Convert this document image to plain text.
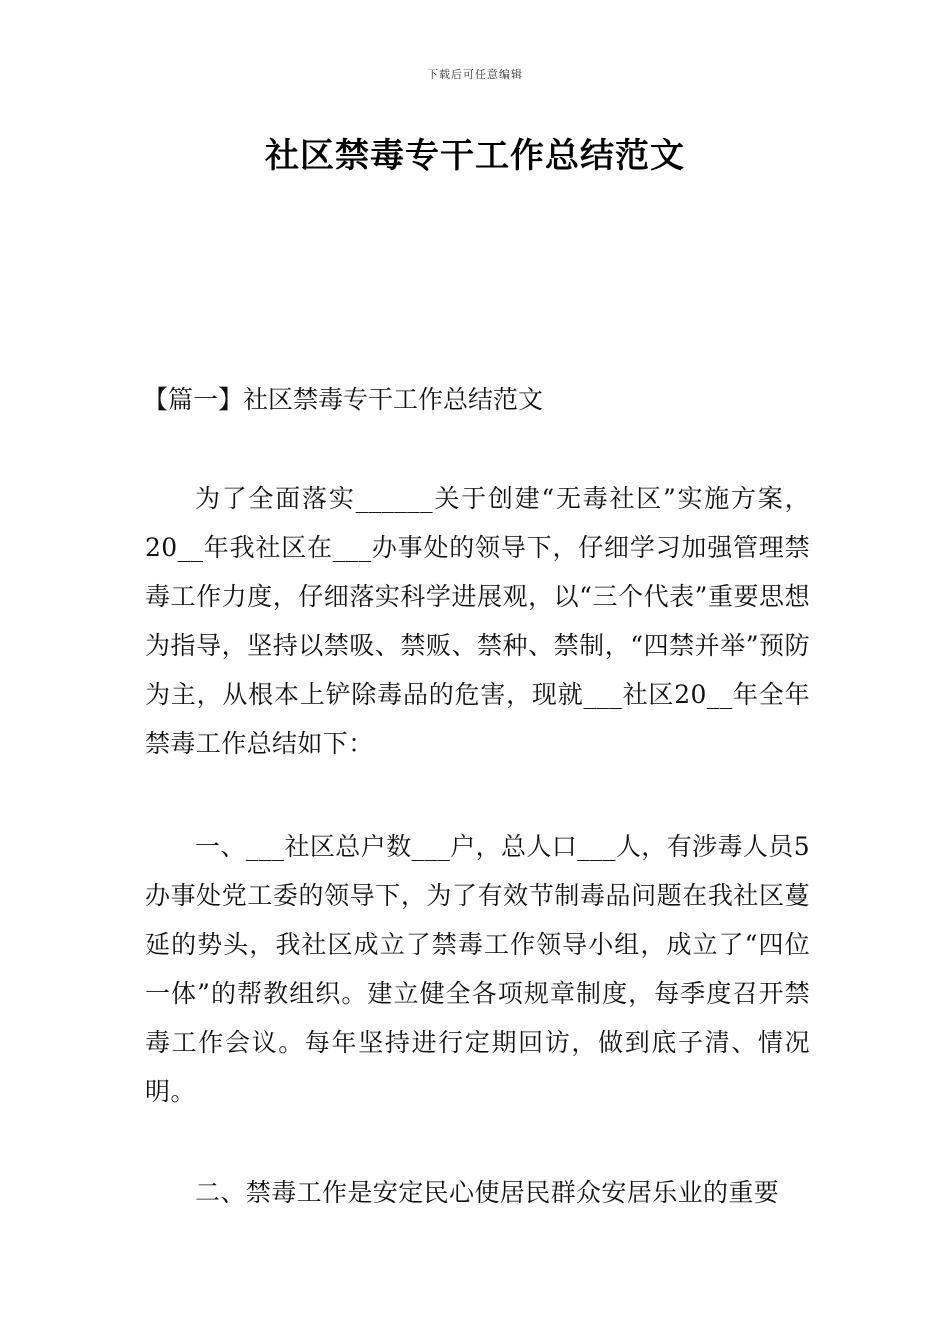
下载后可任意编辑
社区禁毒专干工作总结范文
【篇一】社区禁毒专干工作总结范文

为了全面落实______关于创建“无毒社区”实施方案，20__年我社区在___办事处的领导下，仔细学习加强管理禁毒工作力度，仔细落实科学进展观，以“三个代表”重要思想为指导，坚持以禁吸、禁贩、禁种、禁制，“四禁并举”预防为主，从根本上铲除毒品的危害，现就___社区20__年全年禁毒工作总结如下：

一、___社区总户数___户，总人口___人，有涉毒人员5办事处党工委的领导下，为了有效节制毒品问题在我社区蔓延的势头，我社区成立了禁毒工作领导小组，成立了“四位一体”的帮教组织。建立健全各项规章制度，每季度召开禁毒工作会议。每年坚持进行定期回访，做到底子清、情况明。

二、禁毒工作是安定民心使居民群众安居乐业的重要
